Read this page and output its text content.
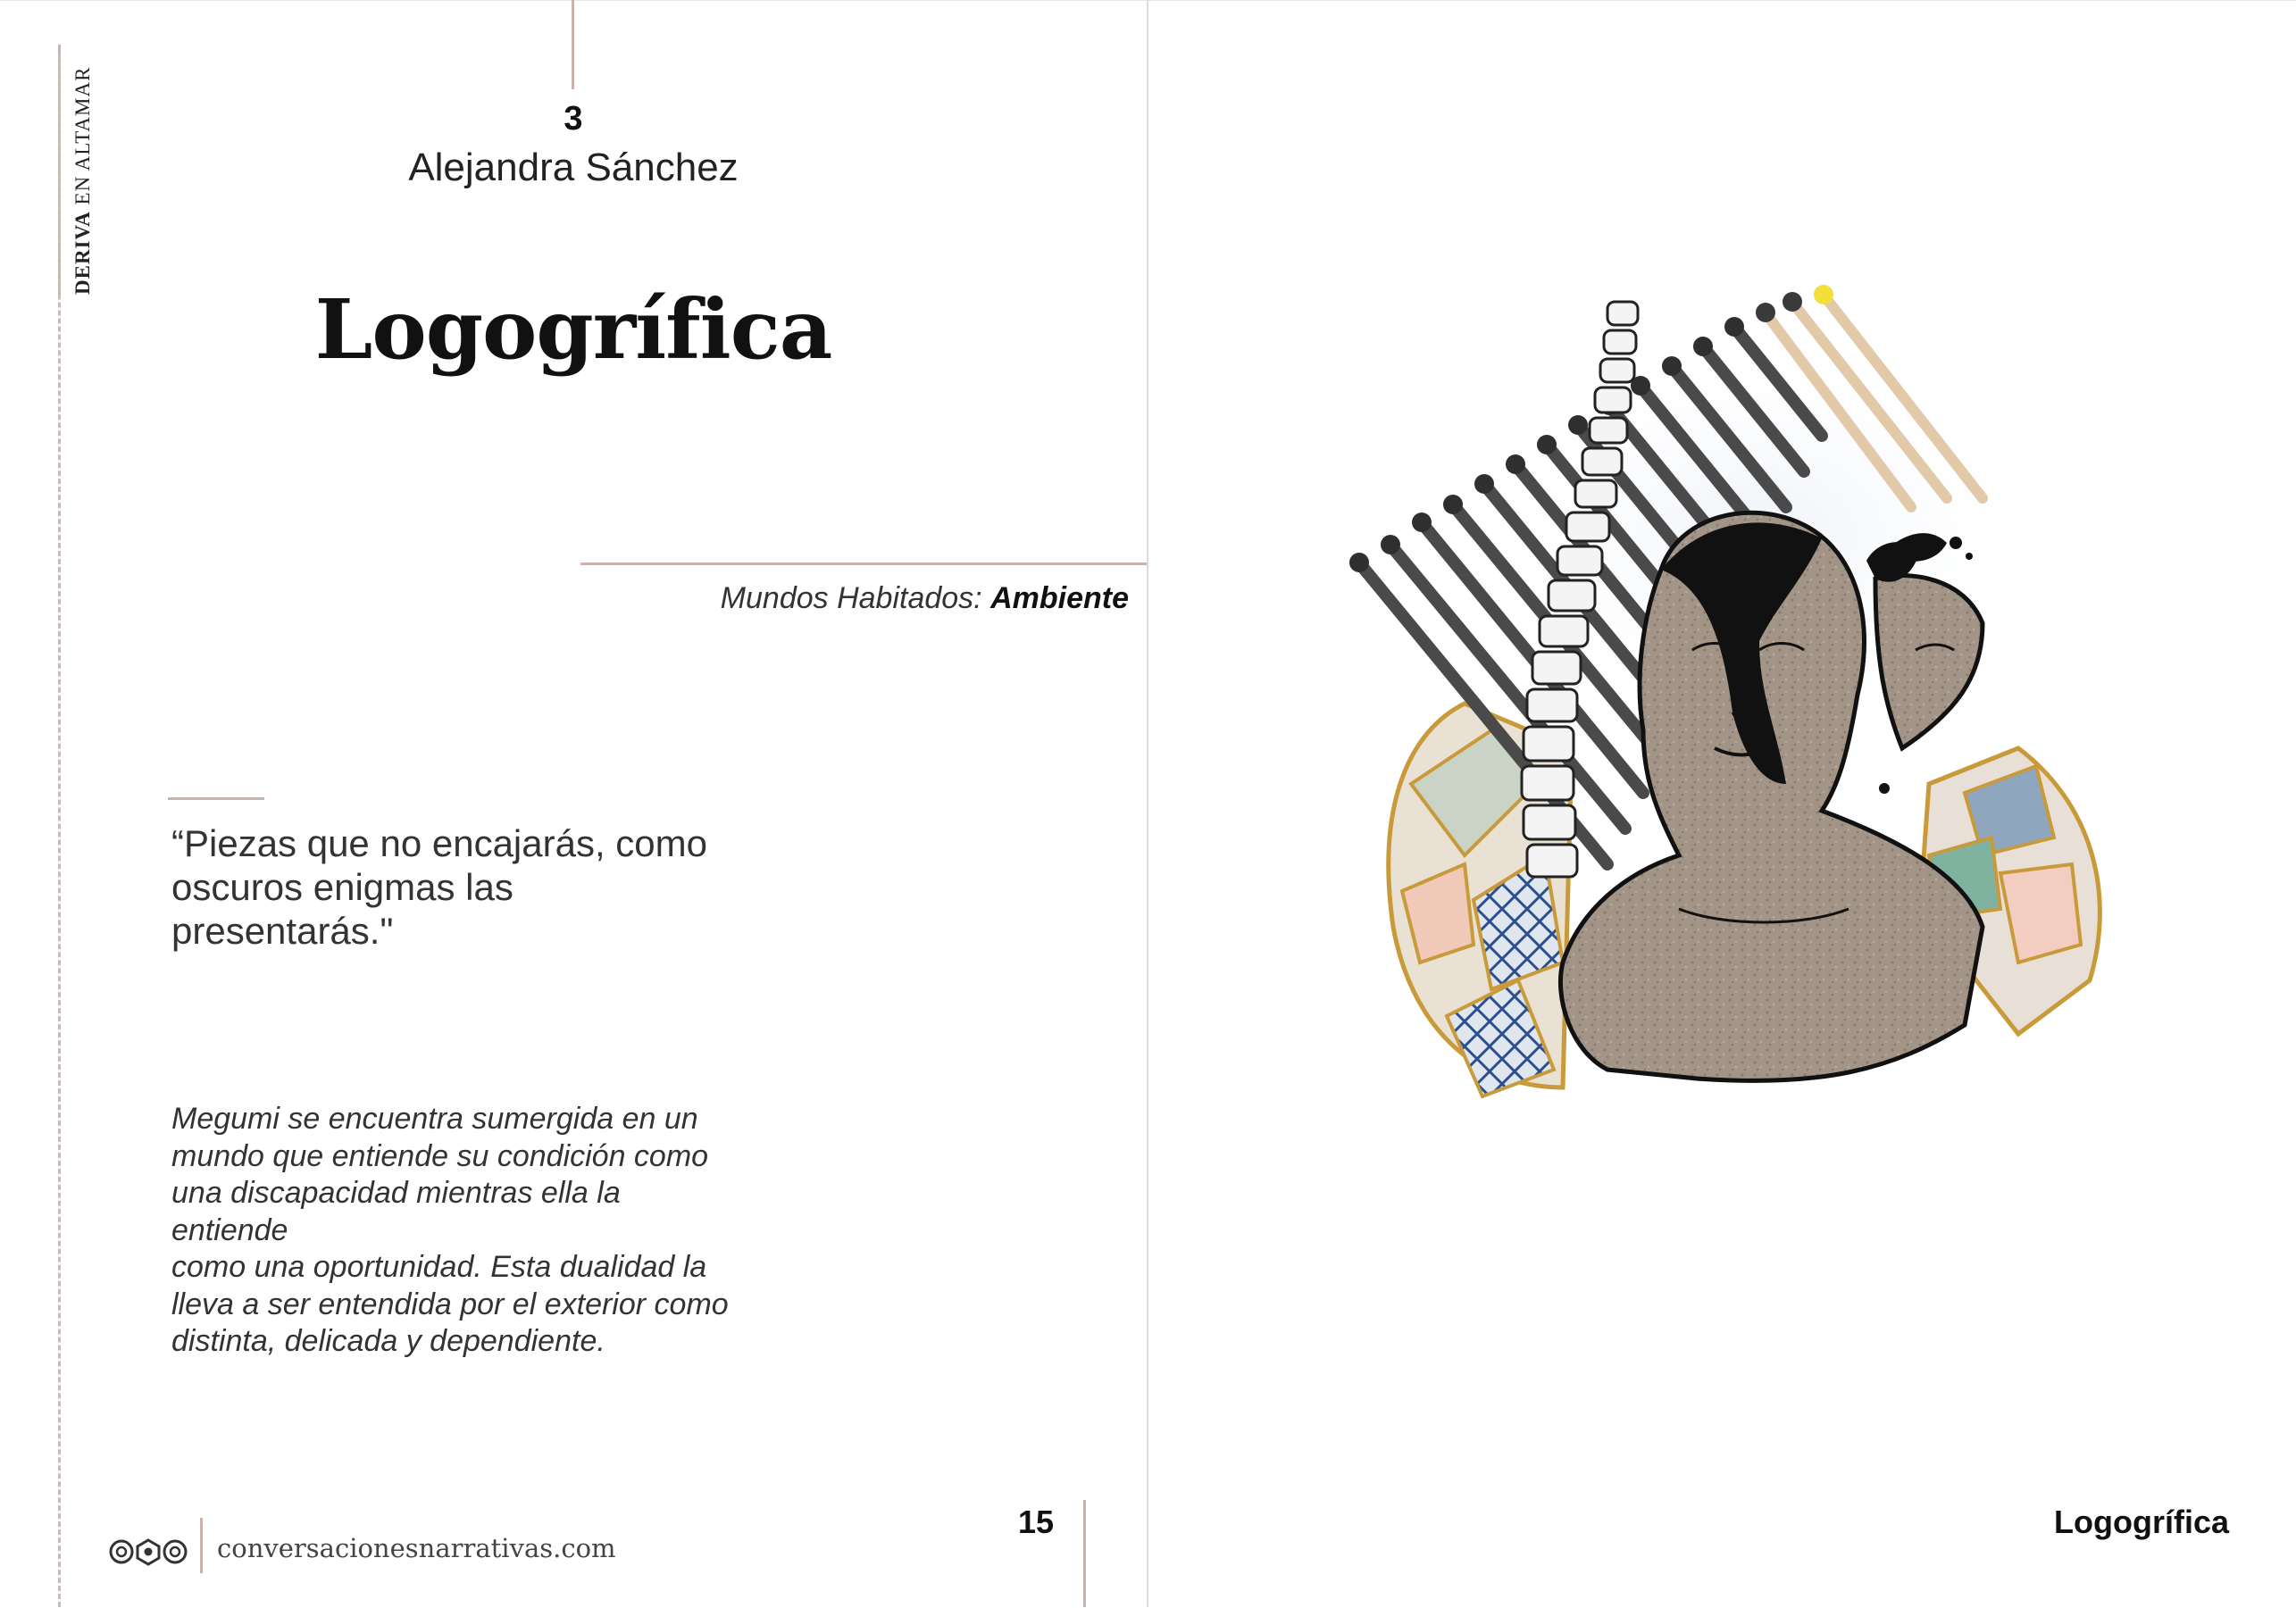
DERIVA EN ALTAMAR	3
Alejandra Sánchez
Logogrífica
Mundos Habitados: Ambiente
“Piezas que no encajarás, como
oscuros enigmas las
presentarás."
Megumi se encuentra sumergida en un
mundo que entiende su condición como
una discapacidad mientras ella la entiende
como una oportunidad. Esta dualidad la
lleva a ser entendida por el exterior como
distinta, delicada y dependiente.
conversacionesnarrativas.com
15	Logogrífica
